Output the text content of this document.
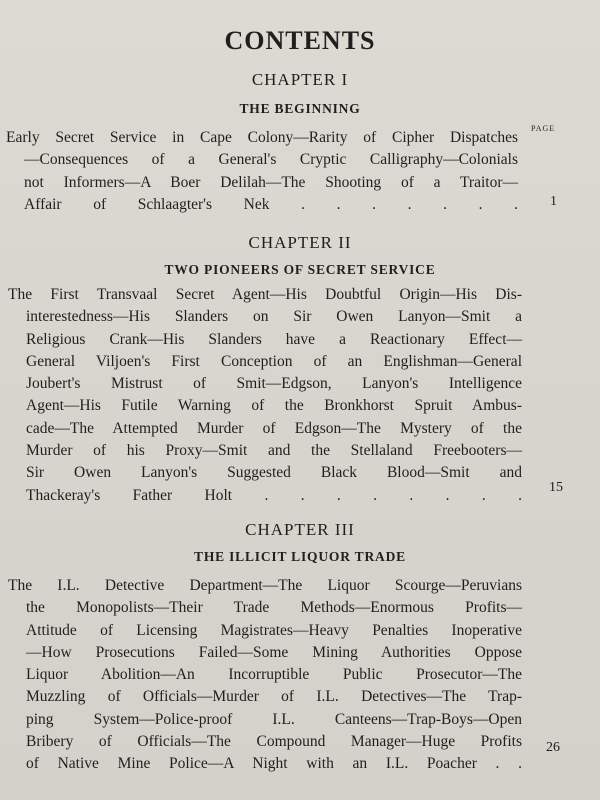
CONTENTS
CHAPTER I
THE BEGINNING
PAGE
Early Secret Service in Cape Colony—Rarity of Cipher Dispatches
—Consequences of a General's Cryptic Calligraphy—Colonials
not Informers—A Boer Delilah—The Shooting of a Traitor—
Affair of Schlaagter's Nek . . . . . . . 1
CHAPTER II
TWO PIONEERS OF SECRET SERVICE
The First Transvaal Secret Agent—His Doubtful Origin—His Dis-
interestedness—His Slanders on Sir Owen Lanyon—Smit a
Religious Crank—His Slanders have a Reactionary Effect—
General Viljoen's First Conception of an Englishman—General
Joubert's Mistrust of Smit—Edgson, Lanyon's Intelligence
Agent—His Futile Warning of the Bronkhorst Spruit Ambus-
cade—The Attempted Murder of Edgson—The Mystery of the
Murder of his Proxy—Smit and the Stellaland Freebooters—
Sir Owen Lanyon's Suggested Black Blood—Smit and
Thackeray's Father Holt . . . . . . . . 15
CHAPTER III
THE ILLICIT LIQUOR TRADE
The I.L. Detective Department—The Liquor Scourge—Peruvians
the Monopolists—Their Trade Methods—Enormous Profits—
Attitude of Licensing Magistrates—Heavy Penalties Inoperative
—How Prosecutions Failed—Some Mining Authorities Oppose
Liquor Abolition—An Incorruptible Public Prosecutor—The
Muzzling of Officials—Murder of I.L. Detectives—The Trap-
ping System—Police-proof I.L. Canteens—Trap-Boys—Open
Bribery of Officials—The Compound Manager—Huge Profits
of Native Mine Police—A Night with an I.L. Poacher . .
26
